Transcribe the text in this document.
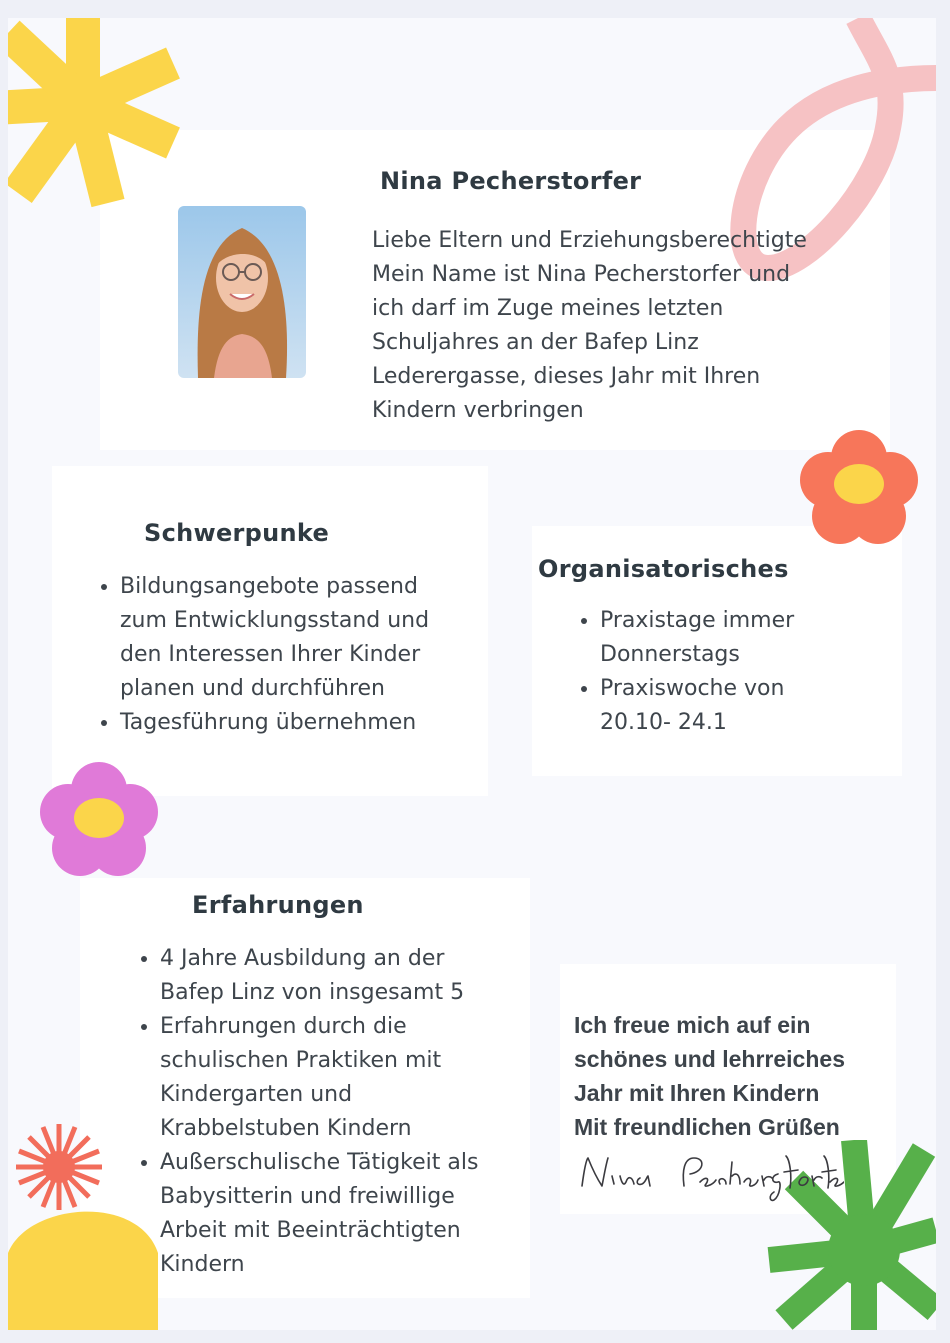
Nina Pecherstorfer
Liebe Eltern und Erziehungsberechtigte
Mein Name ist Nina Pecherstorfer und
ich darf im Zuge meines letzten
Schuljahres an der Bafep Linz
Lederergasse, dieses Jahr mit Ihren
Kindern verbringen
Schwerpunke
• Bildungsangebote passend
zum Entwicklungsstand und
den Interessen Ihrer Kinder
planen und durchführen
• Tagesführung übernehmen
Organisatorisches
• Praxistage immer
Donnerstags
• Praxiswoche von
20.10- 24.1
Erfahrungen
• 4 Jahre Ausbildung an der
Bafep Linz von insgesamt 5
• Erfahrungen durch die
schulischen Praktiken mit
Kindergarten und
Krabbelstuben Kindern
• Außerschulische Tätigkeit als
Babysitterin und freiwillige
Arbeit mit Beeinträchtigten
Kindern
Ich freue mich auf ein
schönes und lehrreiches
Jahr mit Ihren Kindern
Mit freundlichen Grüßen
